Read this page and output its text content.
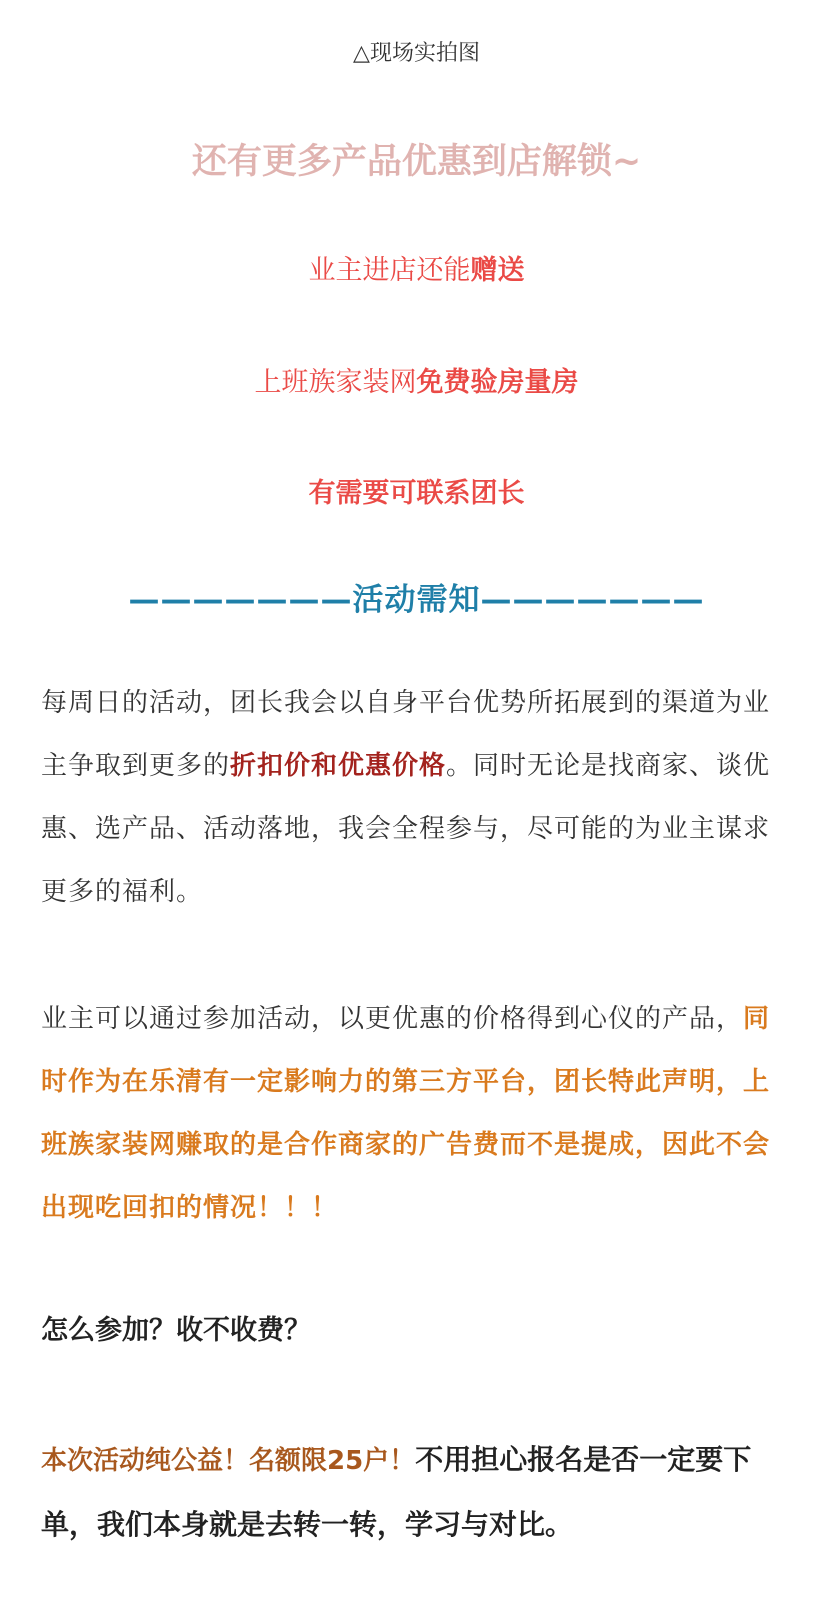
△现场实拍图
还有更多产品优惠到店解锁~
业主进店还能赠送
上班族家装网免费验房量房
有需要可联系团长
———————活动需知———————

每周日的活动，团长我会以自身平台优势所拓展到的渠道为业主争取到更多的折扣价和优惠价格。同时无论是找商家、谈优惠、选产品、活动落地，我会全程参与，尽可能的为业主谋求更多的福利。

业主可以通过参加活动，以更优惠的价格得到心仪的产品，同时作为在乐清有一定影响力的第三方平台，团长特此声明，上班族家装网赚取的是合作商家的广告费而不是提成，因此不会出现吃回扣的情况！！！

怎么参加？收不收费？

本次活动纯公益！名额限25户！不用担心报名是否一定要下单，我们本身就是去转一转，学习与对比。
